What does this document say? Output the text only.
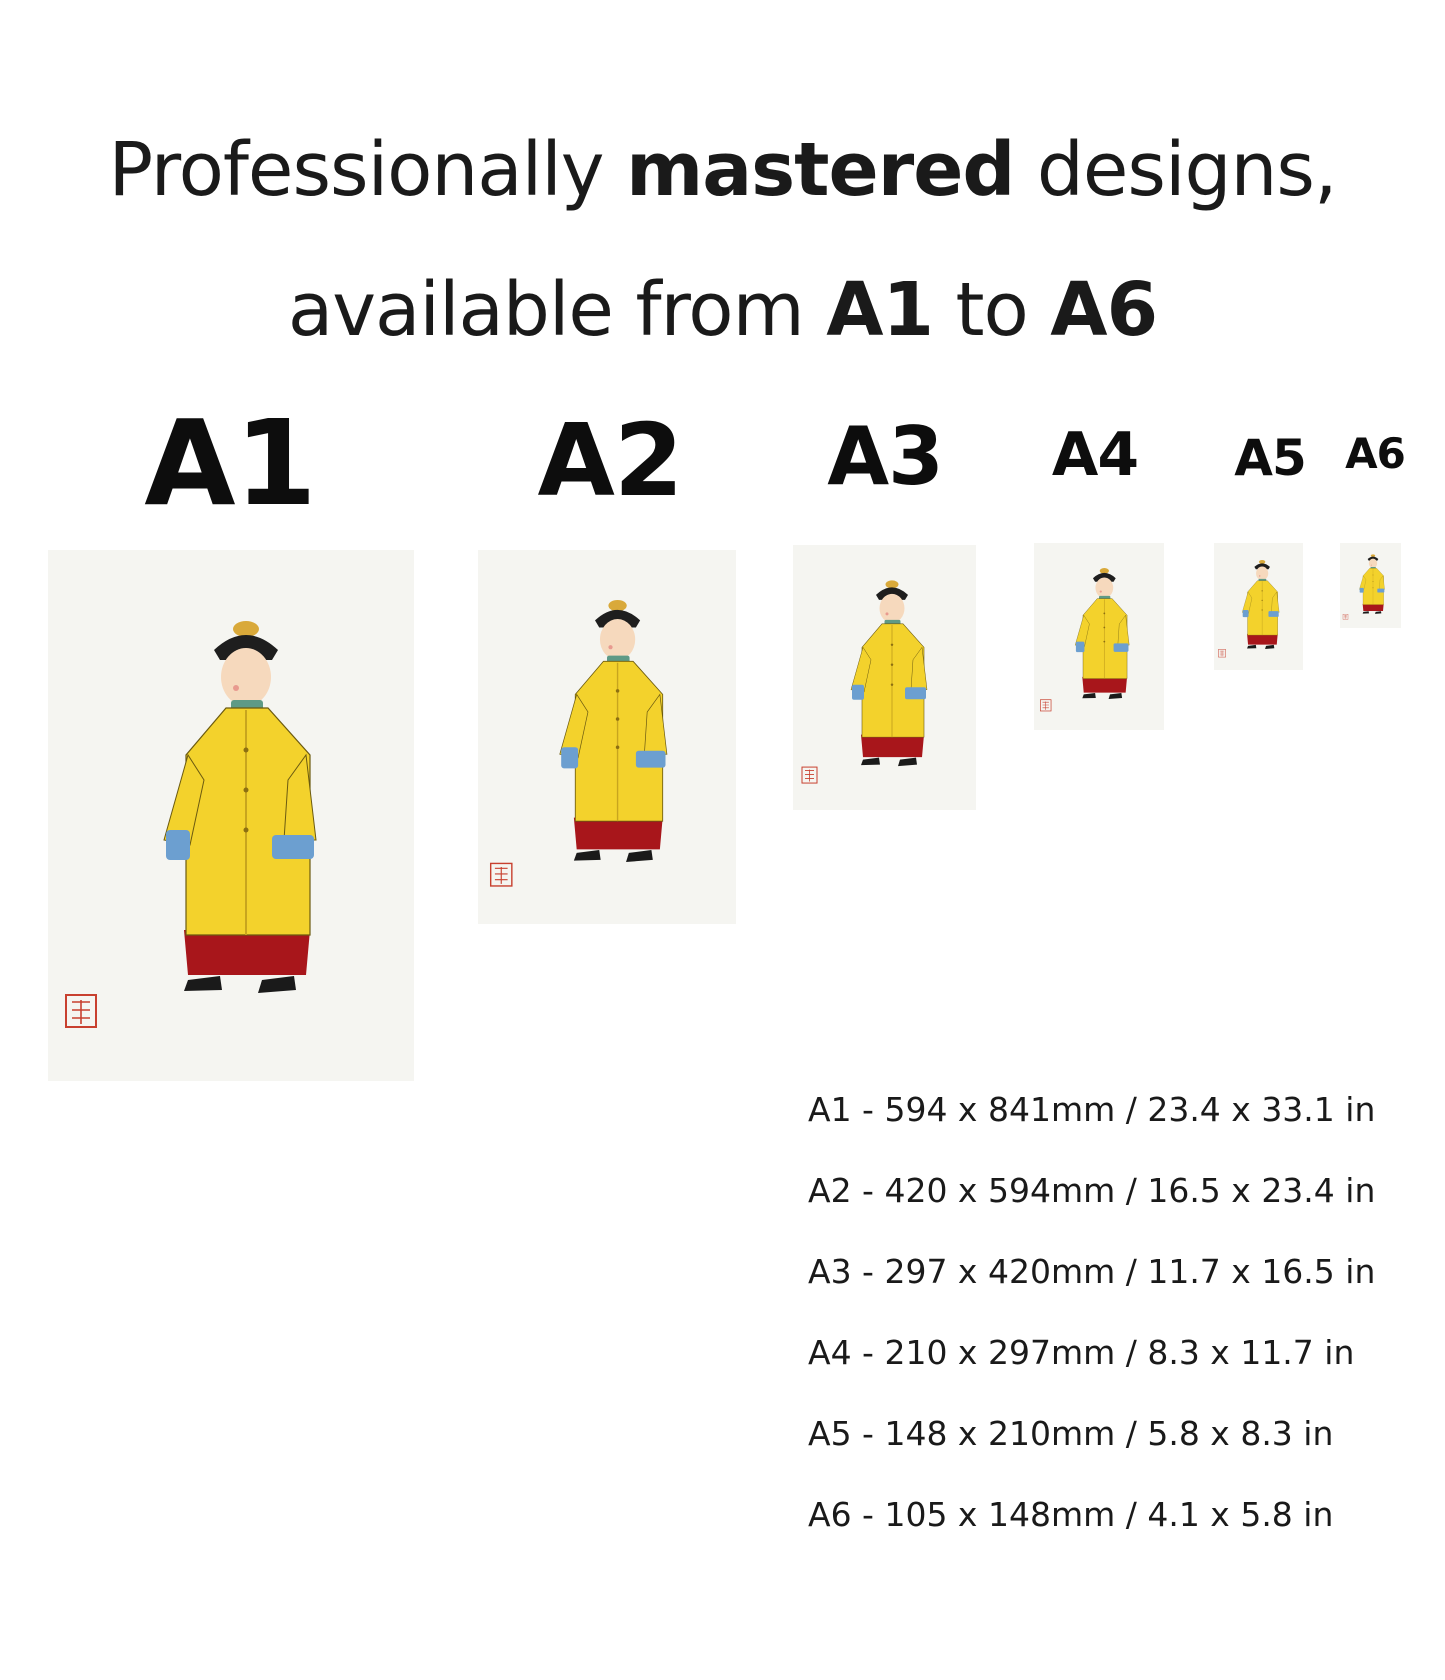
Professionally mastered designs,
available from A1 to A6
A1 A2	A3 A4	A5 A6
A1 - 594 x 841mm / 23.4 x 33.1 in
A2 - 420 x 594mm / 16.5 x 23.4 in
A3 - 297 x 420mm / 11.7 x 16.5 in
A4 - 210 x 297mm / 8.3 x 11.7 in
A5 - 148 x 210mm / 5.8 x 8.3 in
A6 - 105 x 148mm / 4.1 x 5.8 in
